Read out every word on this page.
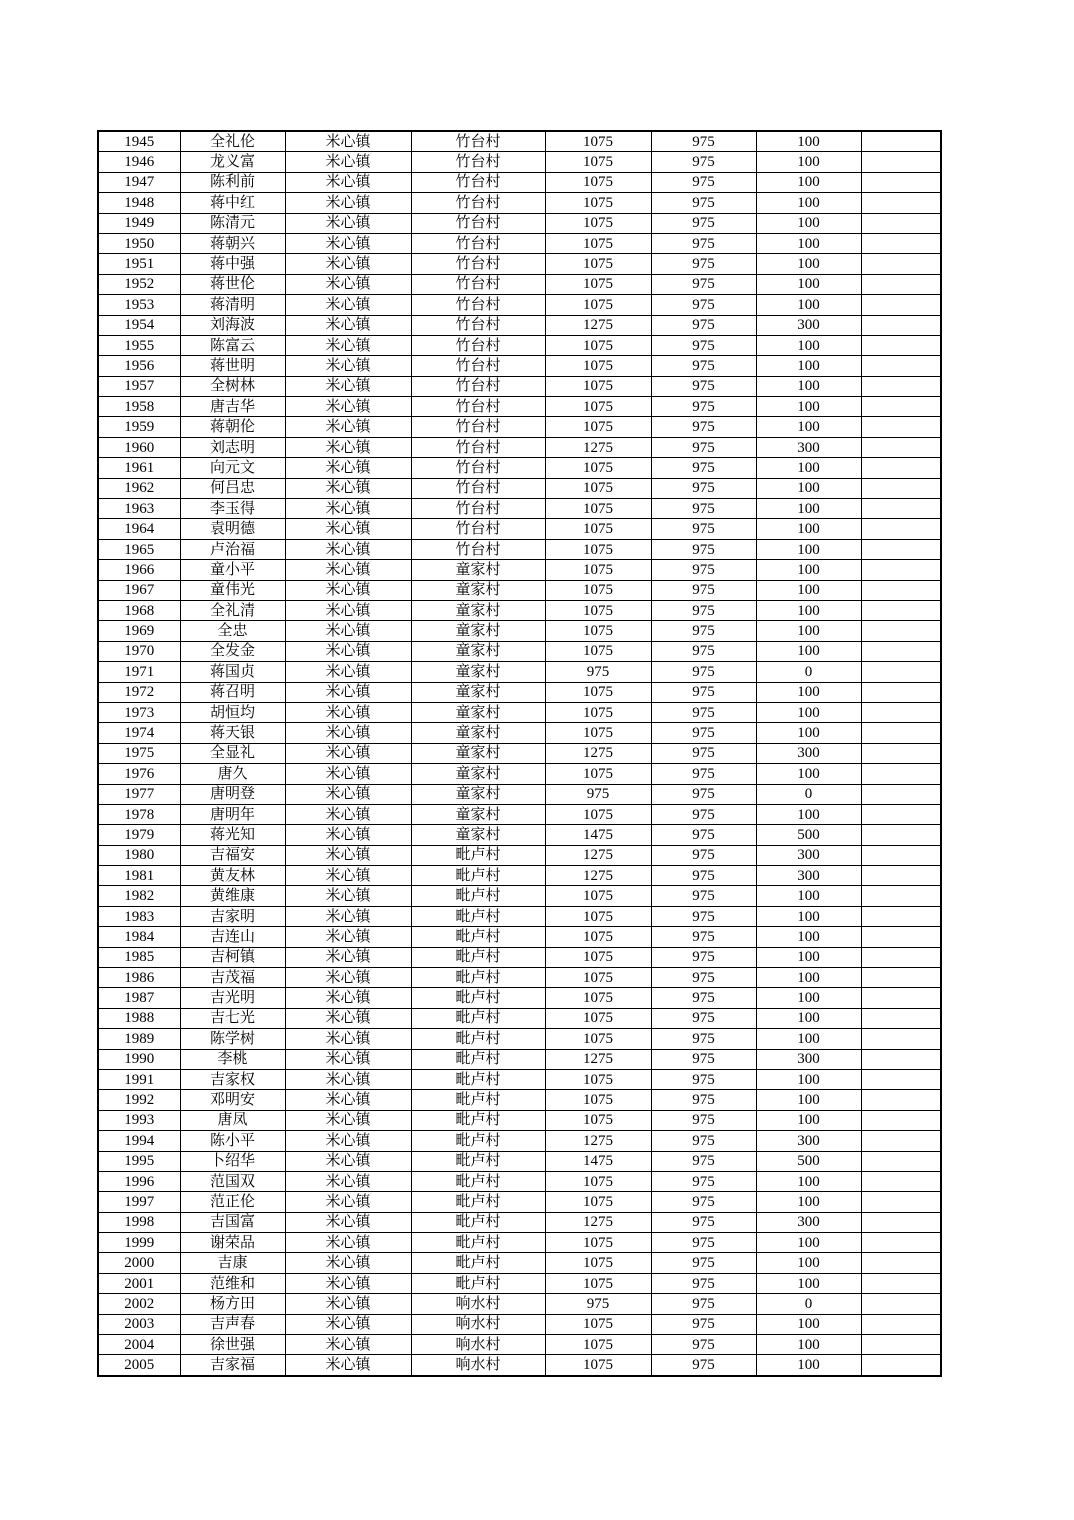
1945	全礼伦	米心镇	竹台村	1075	975	100	
1946	龙义富	米心镇	竹台村	1075	975	100	
1947	陈利前	米心镇	竹台村	1075	975	100	
1948	蒋中红	米心镇	竹台村	1075	975	100	
1949	陈清元	米心镇	竹台村	1075	975	100	
1950	蒋朝兴	米心镇	竹台村	1075	975	100	
1951	蒋中强	米心镇	竹台村	1075	975	100	
1952	蒋世伦	米心镇	竹台村	1075	975	100	
1953	蒋清明	米心镇	竹台村	1075	975	100	
1954	刘海波	米心镇	竹台村	1275	975	300	
1955	陈富云	米心镇	竹台村	1075	975	100	
1956	蒋世明	米心镇	竹台村	1075	975	100	
1957	全树林	米心镇	竹台村	1075	975	100	
1958	唐吉华	米心镇	竹台村	1075	975	100	
1959	蒋朝伦	米心镇	竹台村	1075	975	100	
1960	刘志明	米心镇	竹台村	1275	975	300	
1961	向元文	米心镇	竹台村	1075	975	100	
1962	何吕忠	米心镇	竹台村	1075	975	100	
1963	李玉得	米心镇	竹台村	1075	975	100	
1964	袁明德	米心镇	竹台村	1075	975	100	
1965	卢治福	米心镇	竹台村	1075	975	100	
1966	童小平	米心镇	童家村	1075	975	100	
1967	童伟光	米心镇	童家村	1075	975	100	
1968	全礼清	米心镇	童家村	1075	975	100	
1969	全忠	米心镇	童家村	1075	975	100	
1970	全发金	米心镇	童家村	1075	975	100	
1971	蒋国贞	米心镇	童家村	975	975	0	
1972	蒋召明	米心镇	童家村	1075	975	100	
1973	胡恒均	米心镇	童家村	1075	975	100	
1974	蒋天银	米心镇	童家村	1075	975	100	
1975	全显礼	米心镇	童家村	1275	975	300	
1976	唐久	米心镇	童家村	1075	975	100	
1977	唐明登	米心镇	童家村	975	975	0	
1978	唐明年	米心镇	童家村	1075	975	100	
1979	蒋光知	米心镇	童家村	1475	975	500	
1980	吉福安	米心镇	毗卢村	1275	975	300	
1981	黄友林	米心镇	毗卢村	1275	975	300	
1982	黄维康	米心镇	毗卢村	1075	975	100	
1983	吉家明	米心镇	毗卢村	1075	975	100	
1984	吉连山	米心镇	毗卢村	1075	975	100	
1985	吉柯镇	米心镇	毗卢村	1075	975	100	
1986	吉茂福	米心镇	毗卢村	1075	975	100	
1987	吉光明	米心镇	毗卢村	1075	975	100	
1988	吉七光	米心镇	毗卢村	1075	975	100	
1989	陈学树	米心镇	毗卢村	1075	975	100	
1990	李桃	米心镇	毗卢村	1275	975	300	
1991	吉家权	米心镇	毗卢村	1075	975	100	
1992	邓明安	米心镇	毗卢村	1075	975	100	
1993	唐凤	米心镇	毗卢村	1075	975	100	
1994	陈小平	米心镇	毗卢村	1275	975	300	
1995	卜绍华	米心镇	毗卢村	1475	975	500	
1996	范国双	米心镇	毗卢村	1075	975	100	
1997	范正伦	米心镇	毗卢村	1075	975	100	
1998	吉国富	米心镇	毗卢村	1275	975	300	
1999	谢荣品	米心镇	毗卢村	1075	975	100	
2000	吉康	米心镇	毗卢村	1075	975	100	
2001	范维和	米心镇	毗卢村	1075	975	100	
2002	杨方田	米心镇	响水村	975	975	0	
2003	吉声春	米心镇	响水村	1075	975	100	
2004	徐世强	米心镇	响水村	1075	975	100	
2005	吉家福	米心镇	响水村	1075	975	100	
